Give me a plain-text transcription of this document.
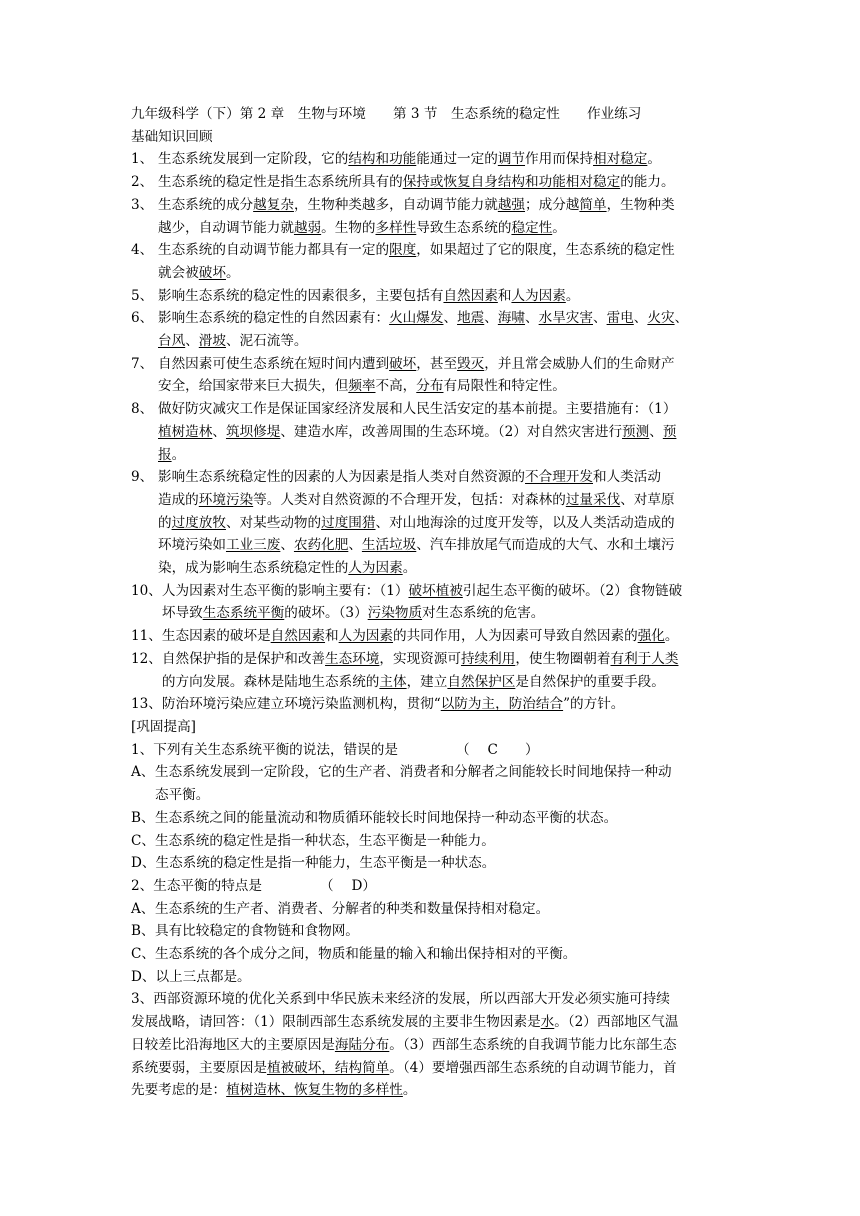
九年级科学（下）第 2 章　生物与环境　　第 3 节　生态系统的稳定性　　作业练习
基础知识回顾
1、 生态系统发展到一定阶段，它的结构和功能能通过一定的调节作用而保持相对稳定。
2、 生态系统的稳定性是指生态系统所具有的保持或恢复自身结构和功能相对稳定的能力。
3、 生态系统的成分越复杂，生物种类越多，自动调节能力就越强；成分越简单，生物种类
越少，自动调节能力就越弱。生物的多样性导致生态系统的稳定性。
4、 生态系统的自动调节能力都具有一定的限度，如果超过了它的限度，生态系统的稳定性
就会被破坏。
5、 影响生态系统的稳定性的因素很多，主要包括有自然因素和人为因素。
6、 影响生态系统的稳定性的自然因素有：火山爆发、地震、海啸、水旱灾害、雷电、火灾、
台风、滑坡、泥石流等。
7、 自然因素可使生态系统在短时间内遭到破坏，甚至毁灭，并且常会威胁人们的生命财产
安全，给国家带来巨大损失，但频率不高，分布有局限性和特定性。
8、 做好防灾减灾工作是保证国家经济发展和人民生活安定的基本前提。主要措施有：（1）
植树造林、筑坝修堤、建造水库，改善周围的生态环境。（2）对自然灾害进行预测、预
报。
9、 影响生态系统稳定性的因素的人为因素是指人类对自然资源的不合理开发和人类活动
造成的环境污染等。人类对自然资源的不合理开发，包括：对森林的过量采伐、对草原
的过度放牧、对某些动物的过度围猎、对山地海涂的过度开发等，以及人类活动造成的
环境污染如工业三废、农药化肥、生活垃圾、汽车排放尾气而造成的大气、水和土壤污
染，成为影响生态系统稳定性的人为因素。
10、 人为因素对生态平衡的影响主要有：（1）破坏植被引起生态平衡的破坏。（2）食物链破
坏导致生态系统平衡的破坏。（3）污染物质对生态系统的危害。
11、 生态因素的破坏是自然因素和人为因素的共同作用，人为因素可导致自然因素的强化。
12、 自然保护指的是保护和改善生态环境，实现资源可持续利用，使生物圈朝着有利于人类
的方向发展。森林是陆地生态系统的主体，建立自然保护区是自然保护的重要手段。
13、 防治环境污染应建立环境污染监测机构，贯彻“以防为主，防治结合”的方针。
[巩固提高]
1、下列有关生态系统平衡的说法，错误的是	（　 C　　）
A、 生态系统发展到一定阶段，它的生产者、消费者和分解者之间能较长时间地保持一种动
态平衡。
B、 生态系统之间的能量流动和物质循环能较长时间地保持一种动态平衡的状态。
C、 生态系统的稳定性是指一种状态，生态平衡是一种能力。
D、 生态系统的稳定性是指一种能力，生态平衡是一种状态。
2、生态平衡的特点是	（　 D）
A、 生态系统的生产者、消费者、分解者的种类和数量保持相对稳定。
B、 具有比较稳定的食物链和食物网。
C、 生态系统的各个成分之间，物质和能量的输入和输出保持相对的平衡。
D、 以上三点都是。
3、西部资源环境的优化关系到中华民族未来经济的发展，所以西部大开发必须实施可持续
发展战略，请回答：（1）限制西部生态系统发展的主要非生物因素是水。（2）西部地区气温
日较差比沿海地区大的主要原因是海陆分布。（3）西部生态系统的自我调节能力比东部生态
系统要弱，主要原因是植被破坏，结构简单。（4）要增强西部生态系统的自动调节能力，首
先要考虑的是：植树造林、恢复生物的多样性。
